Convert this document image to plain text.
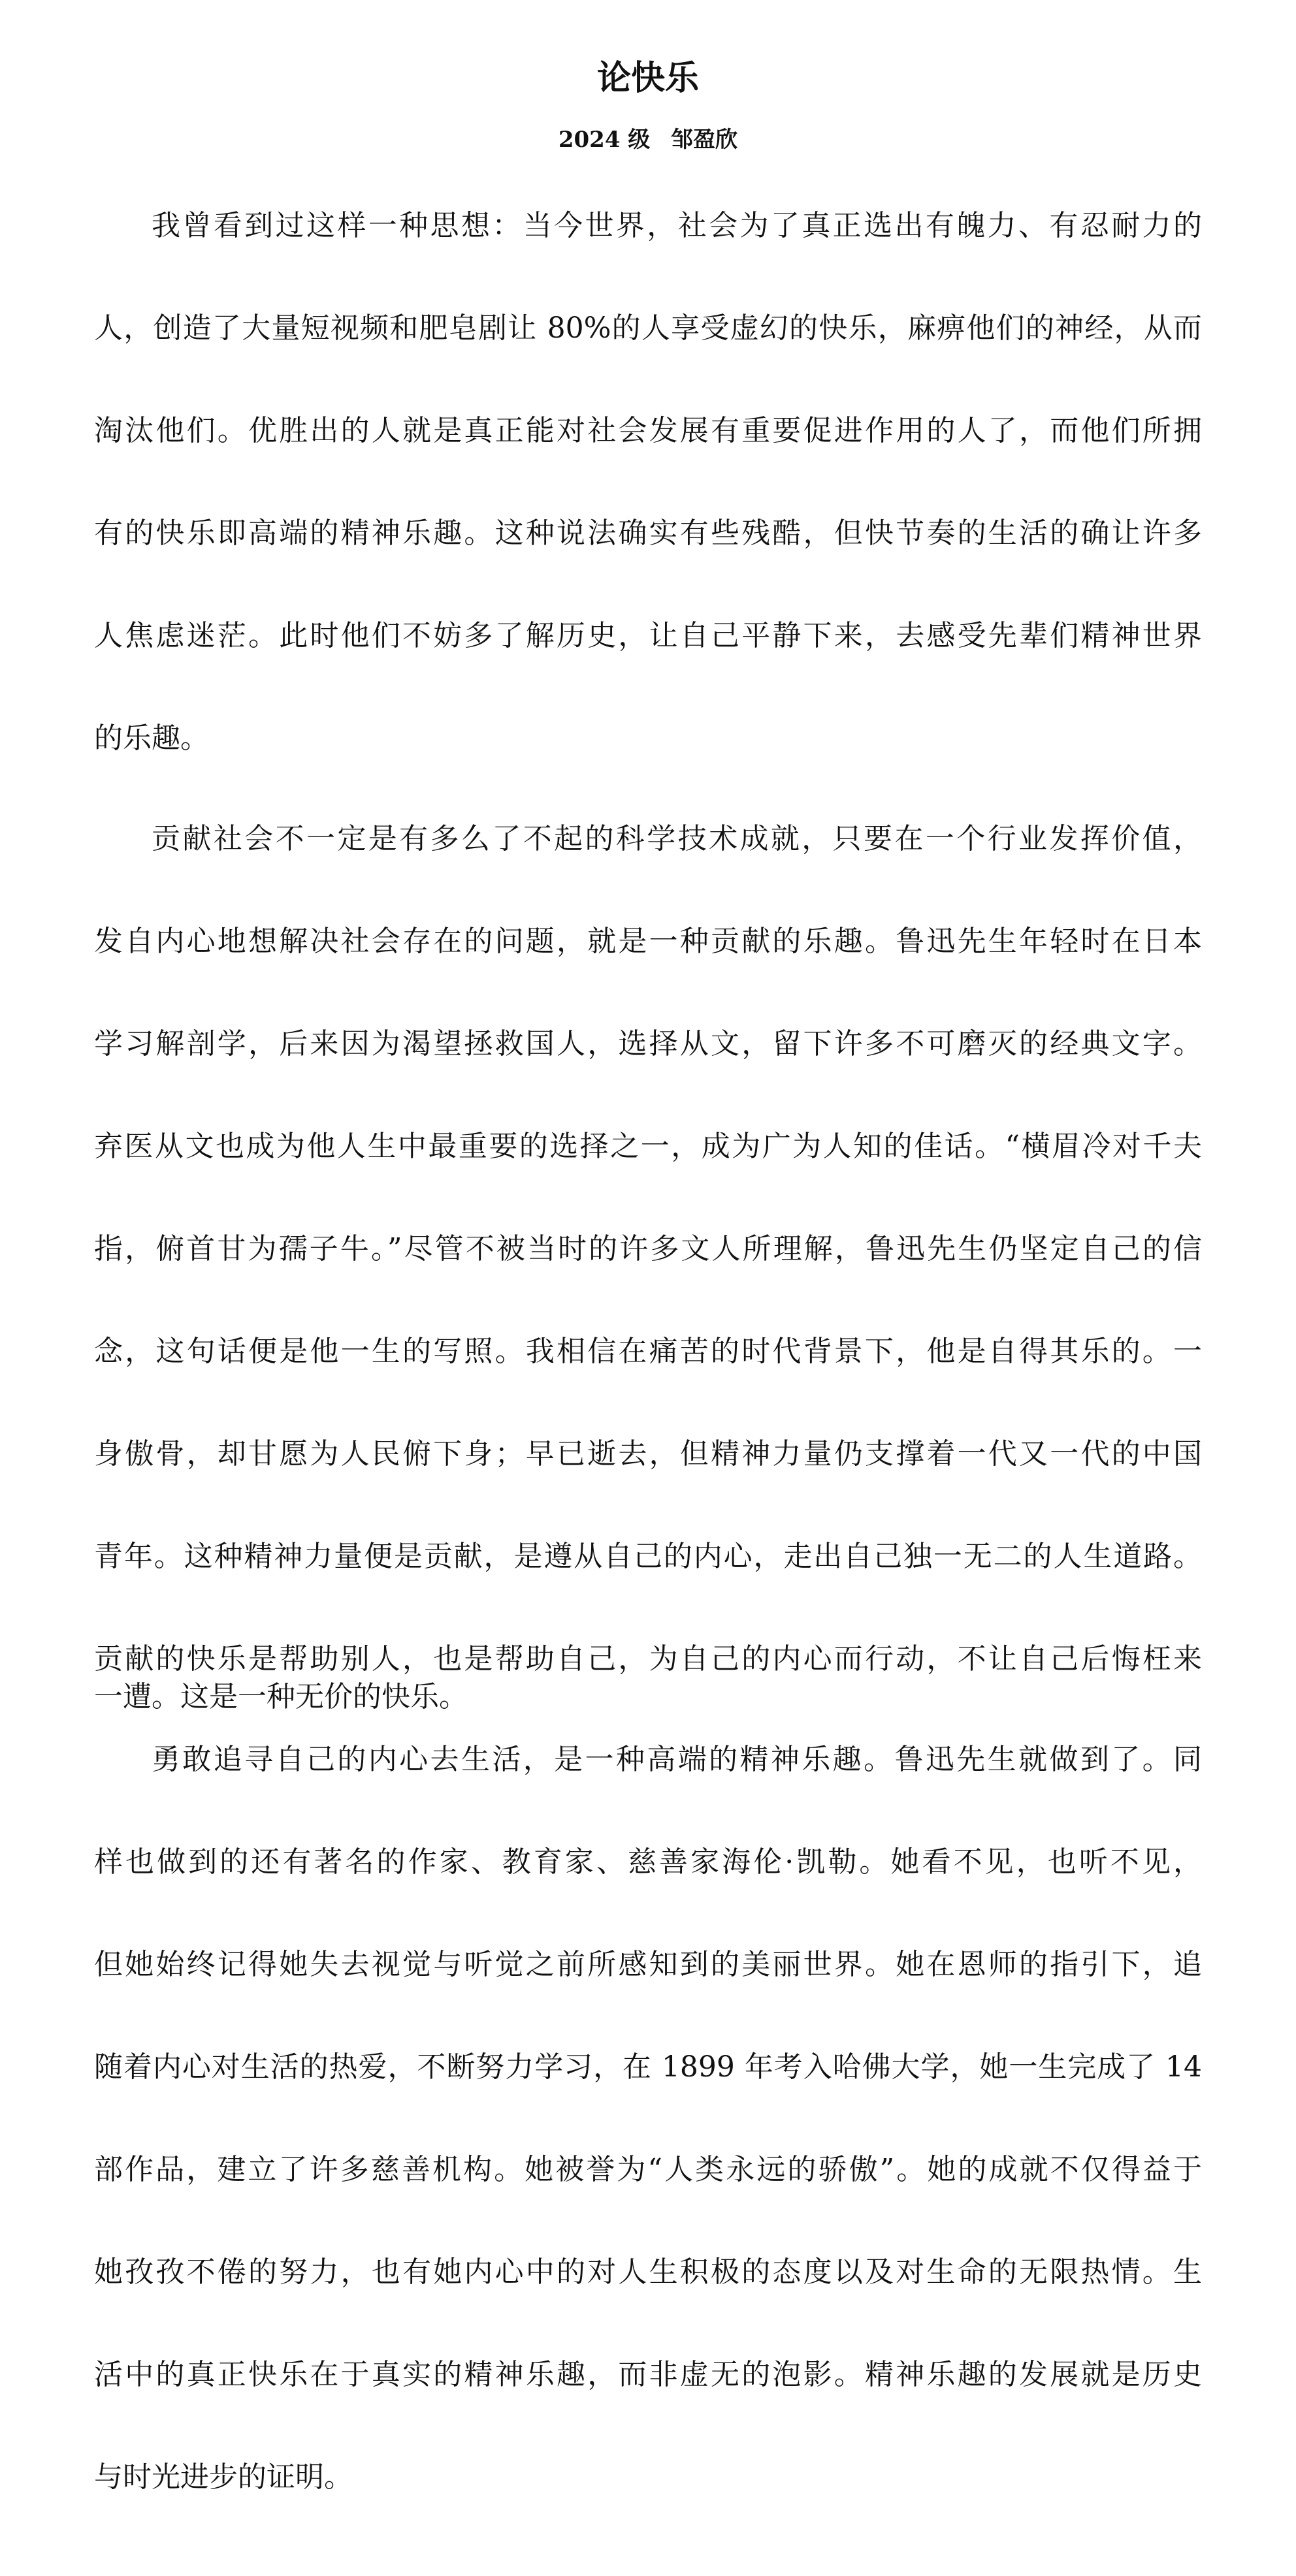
论快乐
2024 级 邹盈欣
我曾看到过这样一种思想：当今世界，社会为了真正选出有魄力、有忍耐力的
人，创造了大量短视频和肥皂剧让 80%的人享受虚幻的快乐，麻痹他们的神经，从而
淘汰他们。优胜出的人就是真正能对社会发展有重要促进作用的人了，而他们所拥
有的快乐即高端的精神乐趣。这种说法确实有些残酷，但快节奏的生活的确让许多
人焦虑迷茫。此时他们不妨多了解历史，让自己平静下来，去感受先辈们精神世界
的乐趣。
贡献社会不一定是有多么了不起的科学技术成就，只要在一个行业发挥价值，
发自内心地想解决社会存在的问题，就是一种贡献的乐趣。鲁迅先生年轻时在日本
学习解剖学，后来因为渴望拯救国人，选择从文，留下许多不可磨灭的经典文字。
弃医从文也成为他人生中最重要的选择之一，成为广为人知的佳话。“横眉冷对千夫
指，俯首甘为孺子牛。”尽管不被当时的许多文人所理解，鲁迅先生仍坚定自己的信
念，这句话便是他一生的写照。我相信在痛苦的时代背景下，他是自得其乐的。一
身傲骨，却甘愿为人民俯下身；早已逝去，但精神力量仍支撑着一代又一代的中国
青年。这种精神力量便是贡献，是遵从自己的内心，走出自己独一无二的人生道路。
贡献的快乐是帮助别人，也是帮助自己，为自己的内心而行动，不让自己后悔枉来
一遭。这是一种无价的快乐。
勇敢追寻自己的内心去生活，是一种高端的精神乐趣。鲁迅先生就做到了。同
样也做到的还有著名的作家、教育家、慈善家海伦·凯勒。她看不见，也听不见，
但她始终记得她失去视觉与听觉之前所感知到的美丽世界。她在恩师的指引下，追
随着内心对生活的热爱，不断努力学习，在 1899 年考入哈佛大学，她一生完成了 14
部作品，建立了许多慈善机构。她被誉为“人类永远的骄傲”。她的成就不仅得益于
她孜孜不倦的努力，也有她内心中的对人生积极的态度以及对生命的无限热情。生
活中的真正快乐在于真实的精神乐趣，而非虚无的泡影。精神乐趣的发展就是历史
与时光进步的证明。
